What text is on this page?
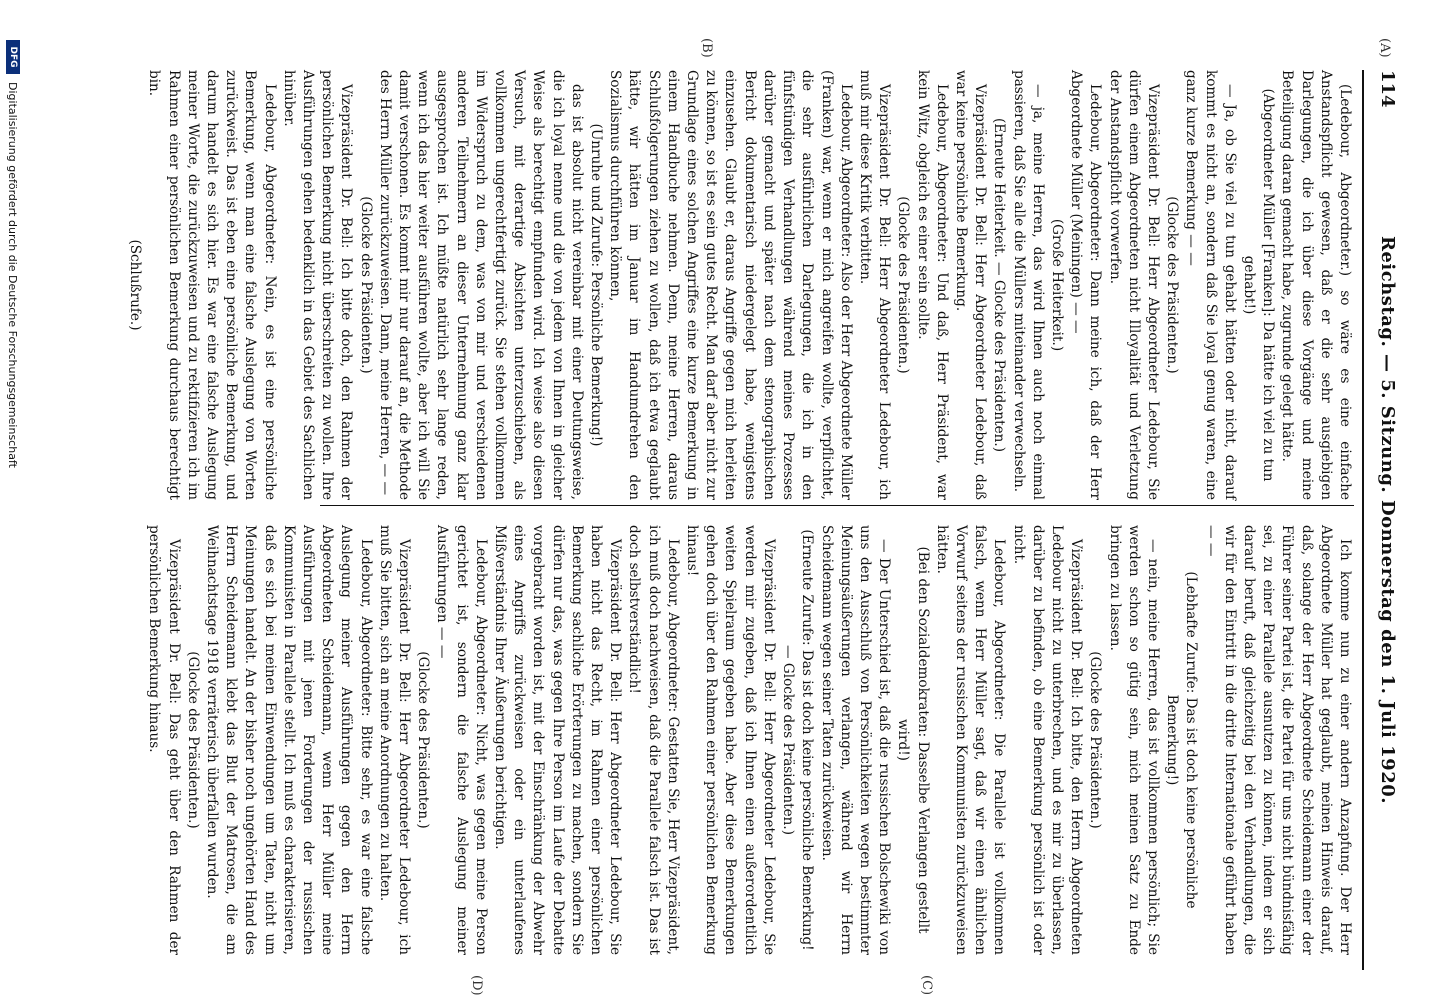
114
Reichstag. — 5. Sitzung. Donnerstag den 1. Juli 1920.
(A)
(B)
(C)
(D)

(Ledebour, Abgeordneter.) so wäre es eine einfache Anstandspflicht gewesen, daß er die sehr ausgiebigen Darlegungen, die ich über diese Vorgänge und meine Beteiligung daran gemacht habe, zugrunde gelegt hätte.

(Abgeordneter Müller [Franken]: Da hätte ich viel zu tun gehabt!)

— Ja, ob Sie viel zu tun gehabt hätten oder nicht, darauf kommt es nicht an, sondern daß Sie loyal genug waren, eine ganz kurze Bemerkung — —

(Glocke des Präsidenten.)

Vizepräsident Dr. Bell: Herr Abgeordneter Ledebour, Sie dürfen einem Abgeordneten nicht Illoyalität und Verletzung der Anstandspflicht vorwerfen.

Ledebour, Abgeordneter: Dann meine ich, daß der Herr Abgeordnete Müller (Meiningen) — —

(Große Heiterkeit.)

— ja, meine Herren, das wird Ihnen auch noch einmal passieren, daß Sie alle die Müllers miteinander verwechseln.

(Erneute Heiterkeit. — Glocke des Präsidenten.)

Vizepräsident Dr. Bell: Herr Abgeordneter Ledebour, daß war keine persönliche Bemerkung.

Ledebour, Abgeordneter: Und daß, Herr Präsident, war kein Witz, obgleich es einer sein sollte.

(Glocke des Präsidenten.)

Vizepräsident Dr. Bell: Herr Abgeordneter Ledebour, ich muß mir diese Kritik verbitten.

Ledebour, Abgeordneter: Also der Herr Abgeordnete Müller (Franken) war, wenn er mich angreifen wollte, verpflichtet, die sehr ausführlichen Darlegungen, die ich in den fünfstündigen Verhandlungen während meines Prozesses darüber gemacht und später nach dem stenographischen Bericht dokumentarisch niedergelegt habe, wenigstens einzusehen. Glaubt er, daraus Angriffe gegen mich herleiten zu können, so ist es sein gutes Recht. Man darf aber nicht zur Grundlage eines solchen Angriffes eine kurze Bemerkung in einem Handbuche nehmen. Denn, meine Herren, daraus Schlußfolgerungen ziehen zu wollen, daß ich etwa geglaubt hätte, wir hätten im Januar im Handumdrehen den Sozialismus durchführen können,

(Unruhe und Zurufe: Persönliche Bemerkung!)

das ist absolut nicht vereinbar mit einer Deutungsweise, die ich loyal nenne und die von jedem von Ihnen in gleicher Weise als berechtigt empfunden wird. Ich weise also diesen Versuch, mit derartige Absichten unterzuschieben, als vollkommen ungerechtfertigt zurück. Sie stehen vollkommen im Widerspruch zu dem, was von mir und verschiedenen anderen Teilnehmern an dieser Unternehmung ganz klar ausgesprochen ist. Ich müßte natürlich sehr lange reden, wenn ich das hier weiter ausführen wollte, aber ich will Sie damit verschonen. Es kommt mir nur darauf an, die Methode des Herrn Müller zurückzuweisen. Dann, meine Herren, — —

(Glocke des Präsidenten.)

Vizepräsident Dr. Bell: Ich bitte doch, den Rahmen der persönlichen Bemerkung nicht überschreiten zu wollen. Ihre Ausführungen gehen bedenklich in das Gebiet des Sachlichen hinüber.

Ledebour, Abgeordneter: Nein, es ist eine persönliche Bemerkung, wenn man eine falsche Auslegung von Worten zurückweist. Das ist eben eine persönliche Bemerkung, und darum handelt es sich hier. Es war eine falsche Auslegung meiner Worte, die zurückzuweisen und zu rektifizieren ich im Rahmen einer persönlichen Bemerkung durchaus berechtigt bin.

(Schlußrufe.)

Ich komme nun zu einer andern Anzapfung. Der Herr Abgeordnete Müller hat geglaubt, meinen Hinweis darauf, daß, solange der Herr Abgeordnete Scheidemann einer der Führer seiner Partei ist, die Partei für uns nicht bündnisfähig sei, zu einer Parallele ausnutzen zu können, indem er sich darauf beruft, daß gleichzeitig bei den Verhandlungen, die wir für den Eintritt in die dritte Internationale geführt haben — —

(Lebhafte Zurufe: Das ist doch keine persönliche Bemerkung!)

— nein, meine Herren, das ist vollkommen persönlich; Sie werden schon so gütig sein, mich meinen Satz zu Ende bringen zu lassen.

(Glocke des Präsidenten.)

Vizepräsident Dr. Bell: Ich bitte, den Herrn Abgeordneten Ledebour nicht zu unterbrechen, und es mir zu überlassen, darüber zu befinden, ob eine Bemerkung persönlich ist oder nicht.

Ledebour, Abgeordneter: Die Parallele ist vollkommen falsch, wenn Herr Müller sagt, daß wir einen ähnlichen Vorwurf seitens der russischen Kommunisten zurückzuweisen hätten.

(Bei den Sozialdemokraten: Dasselbe Verlangen gestellt wird!)

— Der Unterschied ist, daß die russischen Bolschewiki von uns den Ausschluß von Persönlichkeiten wegen bestimmter Meinungsäußerungen verlangen, während wir Herrn Scheidemann wegen seiner Taten zurückweisen.

(Erneute Zurufe: Das ist doch keine persönliche Bemerkung! — Glocke des Präsidenten.)

Vizepräsident Dr. Bell: Herr Abgeordneter Ledebour, Sie werden mir zugeben, daß ich Ihnen einen außerordentlich weiten Spielraum gegeben habe. Aber diese Bemerkungen gehen doch über den Rahmen einer persönlichen Bemerkung hinaus!

Ledebour, Abgeordneter: Gestatten Sie, Herr Vizepräsident, ich muß doch nachweisen, daß die Parallele falsch ist. Das ist doch selbstverständlich!

Vizepräsident Dr. Bell: Herr Abgeordneter Ledebour, Sie haben nicht das Recht, im Rahmen einer persönlichen Bemerkung sachliche Erörterungen zu machen, sondern Sie dürfen nur das, was gegen Ihre Person im Laufe der Debatte vorgebracht worden ist, mit der Einschränkung der Abwehr eines Angriffs zurückweisen oder ein unterlaufenes Mißverständnis Ihrer Äußerungen berichtigen.

Ledebour, Abgeordneter: Nicht, was gegen meine Person gerichtet ist, sondern die falsche Auslegung meiner Ausführungen — —

(Glocke des Präsidenten.)

Vizepräsident Dr. Bell: Herr Abgeordneter Ledebour, ich muß Sie bitten, sich an meine Anordnungen zu halten.

Ledebour, Abgeordneter: Bitte sehr, es war eine falsche Auslegung meiner Ausführungen gegen den Herrn Abgeordneten Scheidemann, wenn Herr Müller meine Ausführungen mit jenen Forderungen der russischen Kommunisten in Parallele stellt. Ich muß es charakterisieren, daß es sich bei meinen Einwendungen um Taten, nicht um Meinungen handelt. An der bisher noch ungehörten Hand des Herrn Scheidemann klebt das Blut der Matrosen, die am Weihnachtstage 1918 verräterisch überfallen wurden.

(Glocke des Präsidenten.)

Vizepräsident Dr. Bell: Das geht über den Rahmen der persönlichen Bemerkung hinaus.

DFG
Digitalisierung gefördert durch die Deutsche Forschungsgemeinschaft
